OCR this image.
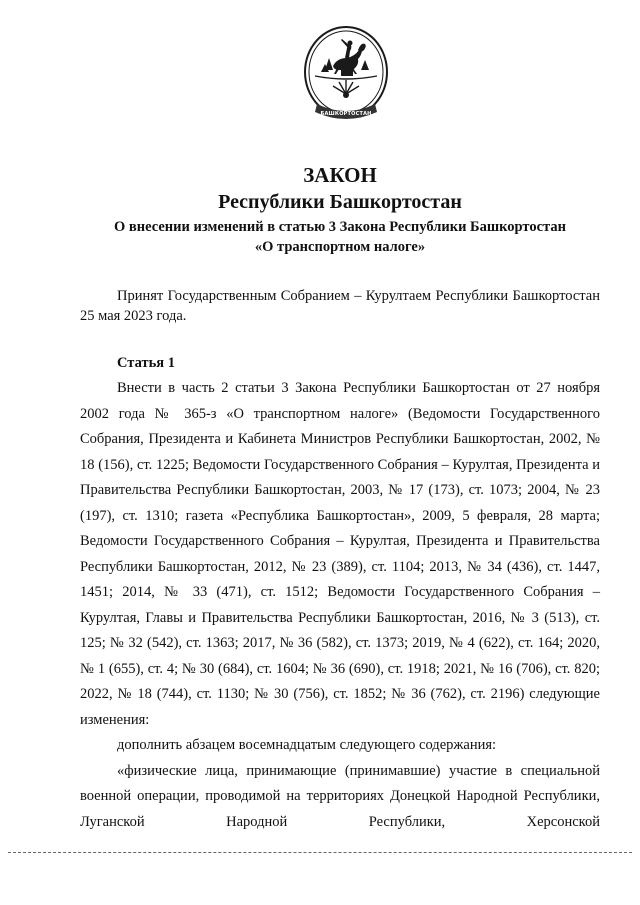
БАШКОРТОСТАН
ЗАКОН
Республики Башкортостан
О внесении изменений в статью 3 Закона Республики Башкортостан
«О транспортном налоге»
Принят Государственным Собранием – Курултаем Республики Башкортостан 25 мая 2023 года.
Статья 1

Внести в часть 2 статьи 3 Закона Республики Башкортостан от 27 ноября 2002 года № 365-з «О транспортном налоге» (Ведомости Государственного Собрания, Президента и Кабинета Министров Республики Башкортостан, 2002, № 18 (156), ст. 1225; Ведомости Государственного Собрания – Курултая, Президента и Правительства Республики Башкортостан, 2003, № 17 (173), ст. 1073; 2004, № 23 (197), ст. 1310; газета «Республика Башкортостан», 2009, 5 февраля, 28 марта; Ведомости Государственного Собрания – Курултая, Президента и Правительства Республики Башкортостан, 2012, № 23 (389), ст. 1104; 2013, № 34 (436), ст. 1447, 1451; 2014, № 33 (471), ст. 1512; Ведомости Государственного Собрания – Курултая, Главы и Правительства Республики Башкортостан, 2016, № 3 (513), ст. 125; № 32 (542), ст. 1363; 2017, № 36 (582), ст. 1373; 2019, № 4 (622), ст. 164; 2020, № 1 (655), ст. 4; № 30 (684), ст. 1604; № 36 (690), ст. 1918; 2021, № 16 (706), ст. 820; 2022, № 18 (744), ст. 1130; № 30 (756), ст. 1852; № 36 (762), ст. 2196) следующие изменения:

дополнить абзацем восемнадцатым следующего содержания:

«физические лица, принимающие (принимавшие) участие в специальной военной операции, проводимой на территориях Донецкой Народной Республики, Луганской Народной Республики, Херсонской
